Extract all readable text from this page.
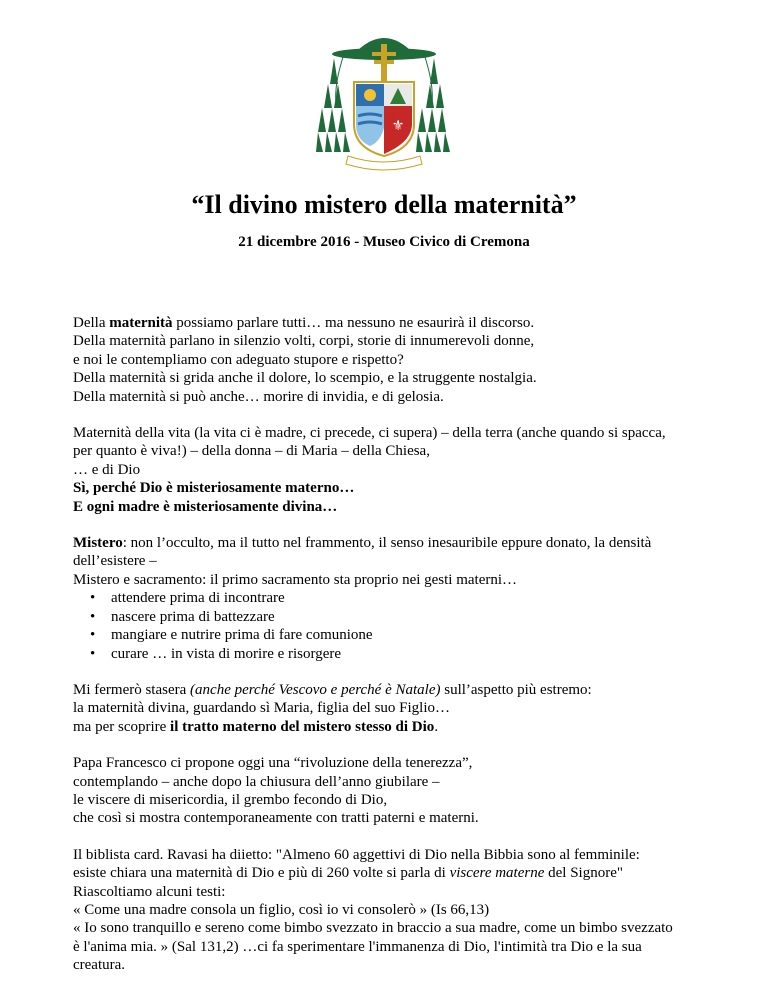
⚜
“Il divino mistero della maternità”
21 dicembre 2016 - Museo Civico di Cremona

Della maternità possiamo parlare tutti… ma nessuno ne esaurirà il discorso.

Della maternità parlano in silenzio volti, corpi, storie di innumerevoli donne,

e noi le contempliamo con adeguato stupore e rispetto?

Della maternità si grida anche il dolore, lo scempio, e la struggente nostalgia.

Della maternità si può anche… morire di invidia, e di gelosia.

Maternità della vita (la vita ci è madre, ci precede, ci supera) – della terra (anche quando si spacca,

per quanto è viva!) – della donna – di Maria – della Chiesa,

… e di Dio

Sì, perché Dio è misteriosamente materno…

E ogni madre è misteriosamente divina…

Mistero: non l’occulto, ma il tutto nel frammento, il senso inesauribile eppure donato, la densità

dell’esistere –

Mistero e sacramento: il primo sacramento sta proprio nei gesti materni…

• attendere prima di incontrare
• nascere prima di battezzare
• mangiare e nutrire prima di fare comunione
• curare … in vista di morire e risorgere

Mi fermerò stasera (anche perché Vescovo e perché è Natale) sull’aspetto più estremo:

la maternità divina, guardando sì Maria, figlia del suo Figlio…

ma per scoprire il tratto materno del mistero stesso di Dio.

Papa Francesco ci propone oggi una “rivoluzione della tenerezza”,

contemplando – anche dopo la chiusura dell’anno giubilare –

le viscere di misericordia, il grembo fecondo di Dio,

che così si mostra contemporaneamente con tratti paterni e materni.

Il biblista card. Ravasi ha diietto: "Almeno 60 aggettivi di Dio nella Bibbia sono al femminile:

esiste chiara una maternità di Dio e più di 260 volte si parla di viscere materne del Signore"

Riascoltiamo alcuni testi:

« Come una madre consola un figlio, così io vi consolerò » (Is 66,13)

« Io sono tranquillo e sereno come bimbo svezzato in braccio a sua madre, come un bimbo svezzato

è l'anima mia. » (Sal 131,2) …ci fa sperimentare l'immanenza di Dio, l'intimità tra Dio e la sua

creatura.
